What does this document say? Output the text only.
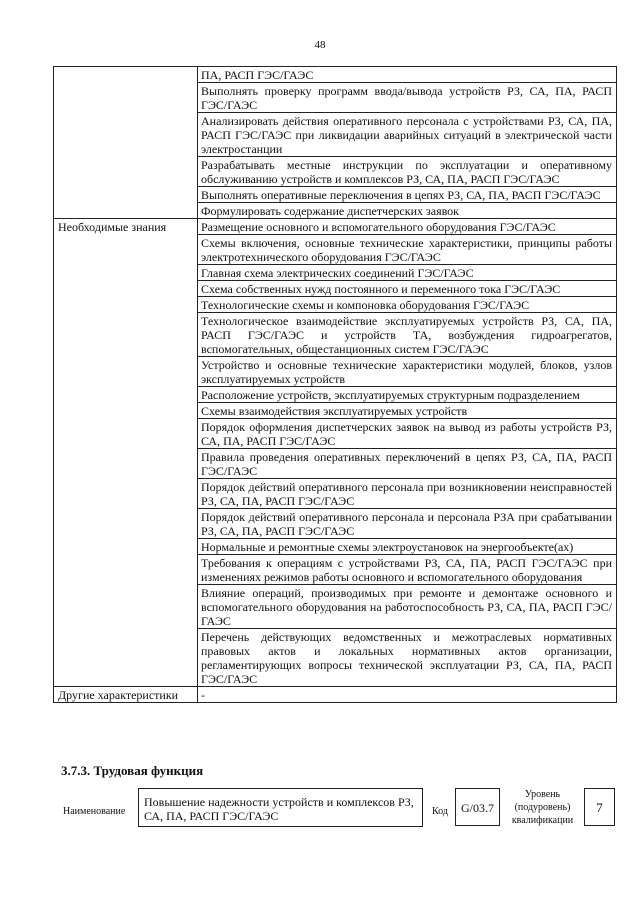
48
	ПА, РАСП ГЭС/ГАЭС
	Выполнять проверку программ ввода/вывода устройств РЗ, СА, ПА, РАСП ГЭС/ГАЭС
	Анализировать действия оперативного персонала с устройствами РЗ, СА, ПА, РАСП ГЭС/ГАЭС при ликвидации аварийных ситуаций в электрической части электростанции
	Разрабатывать местные инструкции по эксплуатации и оперативному обслуживанию устройств и комплексов РЗ, СА, ПА, РАСП ГЭС/ГАЭС
	Выполнять оперативные переключения в цепях РЗ, СА, ПА, РАСП ГЭС/ГАЭС
	Формулировать содержание диспетчерских заявок
Необходимые знания	Размещение основного и вспомогательного оборудования ГЭС/ГАЭС
	Схемы включения, основные технические характеристики, принципы работы электротехнического оборудования ГЭС/ГАЭС
	Главная схема электрических соединений ГЭС/ГАЭС
	Схема собственных нужд постоянного и переменного тока ГЭС/ГАЭС
	Технологические схемы и компоновка оборудования ГЭС/ГАЭС
	Технологическое взаимодействие эксплуатируемых устройств РЗ, СА, ПА, РАСП ГЭС/ГАЭС и устройств ТА, возбуждения гидроагрегатов, вспомогательных, общестанционных систем ГЭС/ГАЭС
	Устройство и основные технические характеристики модулей, блоков, узлов эксплуатируемых устройств
	Расположение устройств, эксплуатируемых структурным подразделением
	Схемы взаимодействия эксплуатируемых устройств
	Порядок оформления диспетчерских заявок на вывод из работы устройств РЗ, СА, ПА, РАСП ГЭС/ГАЭС
	Правила проведения оперативных переключений в цепях РЗ, СА, ПА, РАСП ГЭС/ГАЭС
	Порядок действий оперативного персонала при возникновении неисправностей РЗ, СА, ПА, РАСП ГЭС/ГАЭС
	Порядок действий оперативного персонала и персонала РЗА при срабатывании РЗ, СА, ПА, РАСП ГЭС/ГАЭС
	Нормальные и ремонтные схемы электроустановок на энергообъекте(ах)
	Требования к операциям с устройствами РЗ, СА, ПА, РАСП ГЭС/ГАЭС при изменениях режимов работы основного и вспомогательного оборудования
	Влияние операций, производимых при ремонте и демонтаже основного и вспомогательного оборудования на работоспособность РЗ, СА, ПА, РАСП ГЭС/ГАЭС
	Перечень действующих ведомственных и межотраслевых нормативных правовых актов и локальных нормативных актов организации, регламентирующих вопросы технической эксплуатации РЗ, СА, ПА, РАСП ГЭС/ГАЭС
Другие характеристики	-
3.7.3. Трудовая функция
Наименование
Повышение надежности устройств и комплексов РЗ, СА, ПА, РАСП ГЭС/ГАЭС	Код	G/03.7
Уровень (подуровень) квалификации
7
